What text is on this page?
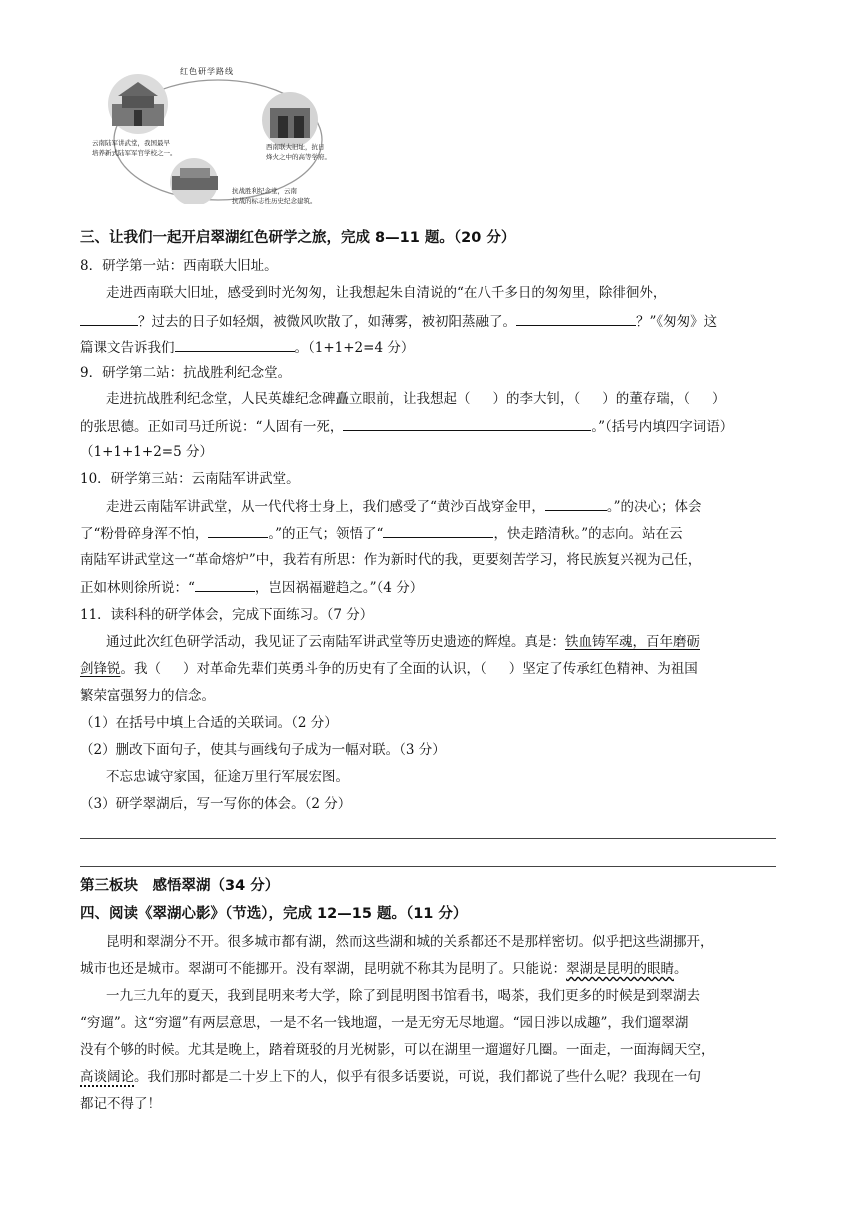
红色研学路线
云南陆军讲武堂，我国最早
培养新式陆军军官学校之一。
西南联大旧址，抗日
烽火之中的高等学府。
抗战胜利纪念堂，云南
抗战的标志性历史纪念建筑。
三、让我们一起开启翠湖红色研学之旅，完成 8—11 题。（20 分）
8．研学第一站：西南联大旧址。
走进西南联大旧址，感受到时光匆匆，让我想起朱自清说的“在八千多日的匆匆里，除徘徊外，
？过去的日子如轻烟，被微风吹散了，如薄雾，被初阳蒸融了。	？”《匆匆》这
篇课文告诉我们	。（1+1+2=4 分）
9．研学第二站：抗战胜利纪念堂。
走进抗战胜利纪念堂，人民英雄纪念碑矗立眼前，让我想起（ ）的李大钊，（ ）的董存瑞，（ ）
的张思德。正如司马迁所说：“人固有一死，	。”（括号内填四字词语）
（1+1+1+2=5 分）
10．研学第三站：云南陆军讲武堂。
走进云南陆军讲武堂，从一代代将士身上，我们感受了“黄沙百战穿金甲，	。”的决心；体会
了“粉骨碎身浑不怕，	。”的正气；领悟了“	，快走踏清秋。”的志向。站在云
南陆军讲武堂这一“革命熔炉”中，我若有所思：作为新时代的我，更要刻苦学习，将民族复兴视为己任，
正如林则徐所说：“	，岂因祸福避趋之。”（4 分）
11．读科科的研学体会，完成下面练习。（7 分）
通过此次红色研学活动，我见证了云南陆军讲武堂等历史遗迹的辉煌。真是：铁血铸军魂，百年磨砺
剑锋锐。我（ ）对革命先辈们英勇斗争的历史有了全面的认识，（ ）坚定了传承红色精神、为祖国
繁荣富强努力的信念。
（1）在括号中填上合适的关联词。（2 分）
（2）删改下面句子，使其与画线句子成为一幅对联。（3 分）
不忘忠诚守家国，征途万里行军展宏图。
（3）研学翠湖后，写一写你的体会。（2 分）
第三板块　感悟翠湖（34 分）
四、阅读《翠湖心影》（节选），完成 12—15 题。（11 分）
昆明和翠湖分不开。很多城市都有湖，然而这些湖和城的关系都还不是那样密切。似乎把这些湖挪开，
城市也还是城市。翠湖可不能挪开。没有翠湖，昆明就不称其为昆明了。只能说：翠湖是昆明的眼睛。
一九三九年的夏天，我到昆明来考大学，除了到昆明图书馆看书，喝茶，我们更多的时候是到翠湖去
“穷遛”。这“穷遛”有两层意思，一是不名一钱地遛，一是无穷无尽地遛。“园日涉以成趣”，我们遛翠湖
没有个够的时候。尤其是晚上，踏着斑驳的月光树影，可以在湖里一遛遛好几圈。一面走，一面海阔天空，
高谈阔论。我们那时都是二十岁上下的人，似乎有很多话要说，可说，我们都说了些什么呢？我现在一句
都记不得了！
